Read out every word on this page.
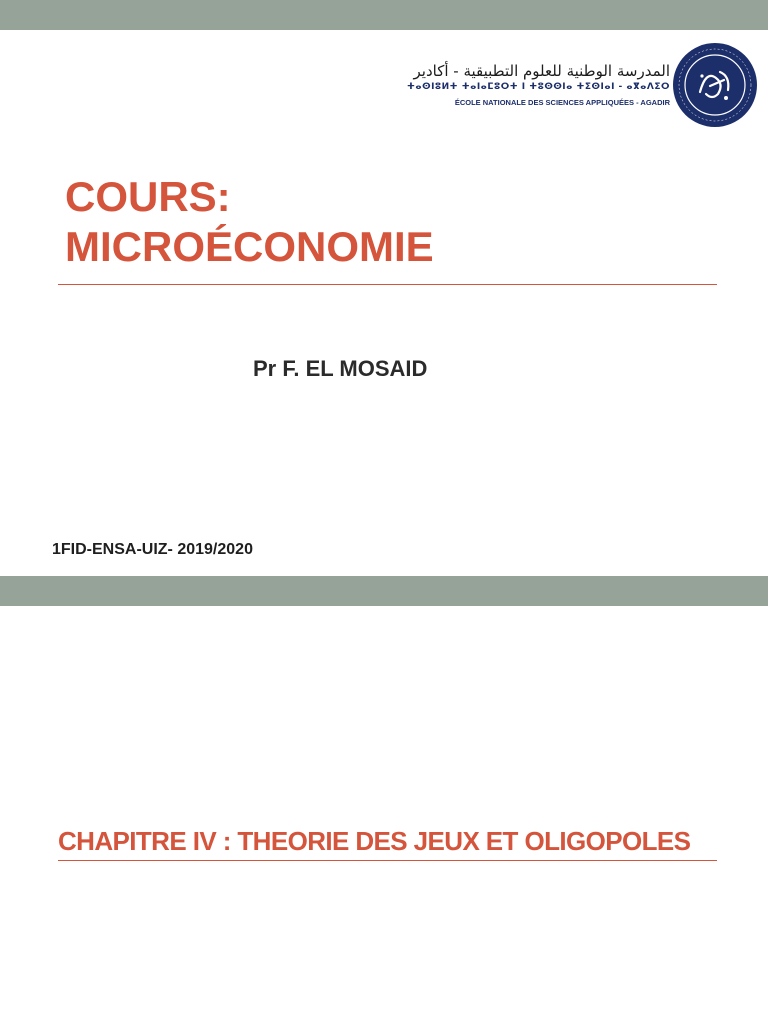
المدرسة الوطنية للعلوم التطبيقية - أكادير
ⵜⴰⵙⵏⵓⵍⵜ ⵜⴰⵏⴰⵎⵓⵔⵜ ⵏ ⵜⵓⵙⵙⵏⴰ ⵜⵉⵙⵏⴰⵏ - ⴰⴳⴰⴷⵉⵔ
ÉCOLE NATIONALE DES SCIENCES APPLIQUÉES - AGADIR
COURS:
MICROÉCONOMIE
Pr F. EL MOSAID
1FID-ENSA-UIZ- 2019/2020
CHAPITRE IV : THEORIE DES JEUX ET OLIGOPOLES
